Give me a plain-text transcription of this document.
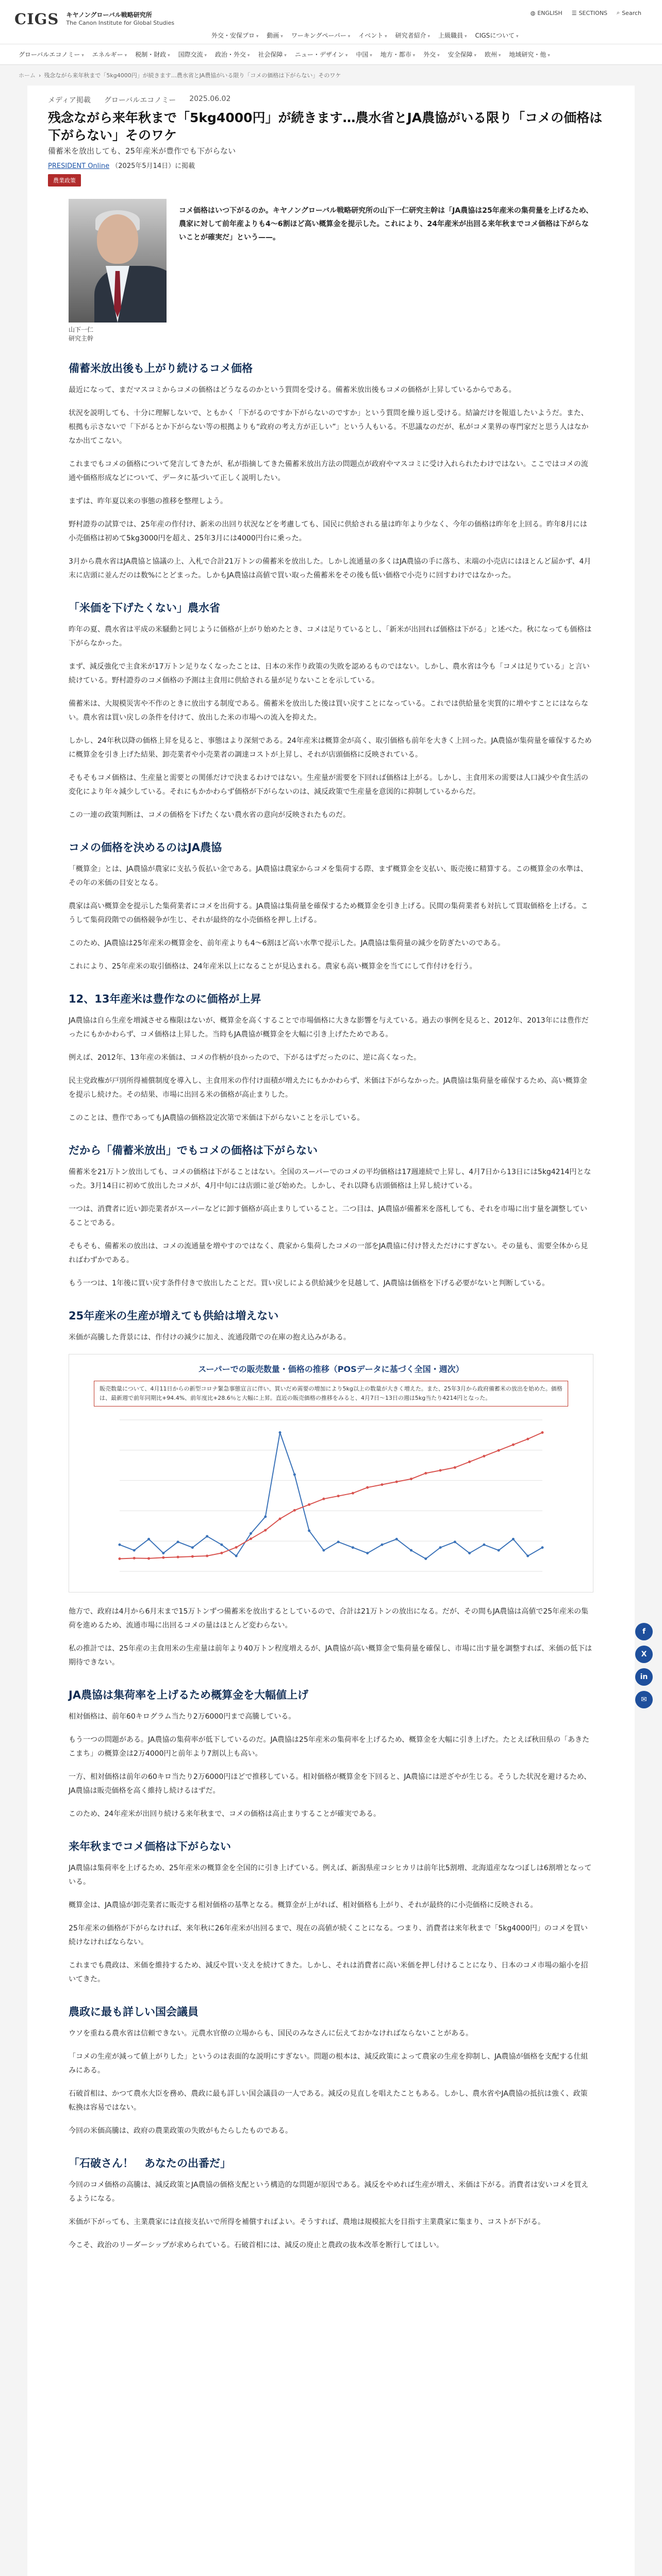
CIGS キヤノングローバル戦略研究所
The Canon Institute for Global Studies
◍ ENGLISH ☰ SECTIONS ⌕ Search
外交・安保プロ ▾	動画 ▾	ワーキングペーパー ▾	イベント ▾	研究者紹介 ▾	上級職員 ▾	CIGSについて ▾
グローバルエコノミー ▾	エネルギー ▾	税制・財政 ▾	国際交流 ▾	政治・外交 ▾	社会保障 ▾	ニュー・デザイン ▾	中国 ▾	地方・都市 ▾	外交 ▾	安全保障 ▾	欧州 ▾	地域研究・他 ▾
ホーム › 残念ながら来年秋まで「5kg4000円」が続きます…農水省とJA農協がいる限り「コメの価格は下がらない」そのワケ
メディア掲載 グローバルエコノミー 2025.06.02
残念ながら来年秋まで「5kg4000円」が続きます…農水省とJA農協がいる限り「コメの価格は下がらない」そのワケ
備蓄米を放出しても、25年産米が豊作でも下がらない
PRESIDENT Online （2025年5月14日）に掲載
農業政策
山下一仁
研究主幹
コメ価格はいつ下がるのか。キヤノングローバル戦略研究所の山下一仁研究主幹は「JA農協は25年産米の集荷量を上げるため、農家に対して前年産よりも4～6割ほど高い概算金を提示した。これにより、24年産米が出回る来年秋までコメ価格は下がらないことが確実だ」という——。
備蓄米放出後も上がり続けるコメ価格

最近になって、まだマスコミからコメの価格はどうなるのかという質問を受ける。備蓄米放出後もコメの価格が上昇しているからである。

状況を説明しても、十分に理解しないで、ともかく「下がるのですか下がらないのですか」という質問を繰り返し受ける。結論だけを報道したいようだ。また、根拠も示さないで「下がるとか下がらない等の根拠よりも“政府の考え方が正しい”」という人もいる。不思議なのだが、私がコメ業界の専門家だと思う人はなかなか出てこない。

これまでもコメの価格について発言してきたが、私が指摘してきた備蓄米放出方法の問題点が政府やマスコミに受け入れられたわけではない。ここではコメの流通や価格形成などについて、データに基づいて正しく説明したい。

まずは、昨年夏以来の事態の推移を整理しよう。

野村證券の試算では、25年産の作付け、新米の出回り状況などを考慮しても、国民に供給される量は昨年より少なく、今年の価格は昨年を上回る。昨年8月には小売価格は初めて5kg3000円を超え、25年3月には4000円台に乗った。

3月から農水省はJA農協と協議の上、入札で合計21万トンの備蓄米を放出した。しかし流通量の多くはJA農協の手に落ち、末端の小売店にはほとんど届かず、4月末に店頭に並んだのは数%にとどまった。しかもJA農協は高値で買い取った備蓄米をその後も低い価格で小売りに回すわけではなかった。

「米価を下げたくない」農水省

昨年の夏、農水省は平成の米騒動と同じように価格が上がり始めたとき、コメは足りているとし、「新米が出回れば価格は下がる」と述べた。秋になっても価格は下がらなかった。

まず、減反強化で主食米が17万トン足りなくなったことは、日本の米作り政策の失敗を認めるものではない。しかし、農水省は今も「コメは足りている」と言い続けている。野村證券のコメ価格の予測は主食用に供給される量が足りないことを示している。

備蓄米は、大規模災害や不作のときに放出する制度である。備蓄米を放出した後は買い戻すことになっている。これでは供給量を実質的に増やすことにはならない。農水省は買い戻しの条件を付けて、放出した米の市場への流入を抑えた。

しかし、24年秋以降の価格上昇を見ると、事態はより深刻である。24年産米は概算金が高く、取引価格も前年を大きく上回った。JA農協が集荷量を確保するために概算金を引き上げた結果、卸売業者や小売業者の調達コストが上昇し、それが店頭価格に反映されている。

そもそもコメ価格は、生産量と需要との関係だけで決まるわけではない。生産量が需要を下回れば価格は上がる。しかし、主食用米の需要は人口減少や食生活の変化により年々減少している。それにもかかわらず価格が下がらないのは、減反政策で生産量を意図的に抑制しているからだ。

この一連の政策判断は、コメの価格を下げたくない農水省の意向が反映されたものだ。

コメの価格を決めるのはJA農協

「概算金」とは、JA農協が農家に支払う仮払い金である。JA農協は農家からコメを集荷する際、まず概算金を支払い、販売後に精算する。この概算金の水準は、その年の米価の目安となる。

農家は高い概算金を提示した集荷業者にコメを出荷する。JA農協は集荷量を確保するため概算金を引き上げる。民間の集荷業者も対抗して買取価格を上げる。こうして集荷段階での価格競争が生じ、それが最終的な小売価格を押し上げる。

このため、JA農協は25年産米の概算金を、前年産よりも4～6割ほど高い水準で提示した。JA農協は集荷量の減少を防ぎたいのである。

これにより、25年産米の取引価格は、24年産米以上になることが見込まれる。農家も高い概算金を当てにして作付けを行う。

12、13年産米は豊作なのに価格が上昇

JA農協は自ら生産を増減させる権限はないが、概算金を高くすることで市場価格に大きな影響を与えている。過去の事例を見ると、2012年、2013年には豊作だったにもかかわらず、コメ価格は上昇した。当時もJA農協が概算金を大幅に引き上げたためである。

例えば、2012年、13年産の米価は、コメの作柄が良かったので、下がるはずだったのに、逆に高くなった。

民主党政権が戸別所得補償制度を導入し、主食用米の作付け面積が増えたにもかかわらず、米価は下がらなかった。JA農協は集荷量を確保するため、高い概算金を提示し続けた。その結果、市場に出回る米の価格が高止まりした。

このことは、豊作であってもJA農協の価格設定次第で米価は下がらないことを示している。

だから「備蓄米放出」でもコメの価格は下がらない

備蓄米を21万トン放出しても、コメの価格は下がることはない。全国のスーパーでのコメの平均価格は17週連続で上昇し、4月7日から13日には5kg4214円となった。3月14日に初めて放出したコメが、4月中旬には店頭に並び始めた。しかし、それ以降も店頭価格は上昇し続けている。

一つは、消費者に近い卸売業者がスーパーなどに卸す価格が高止まりしていること。二つ目は、JA農協が備蓄米を落札しても、それを市場に出す量を調整していることである。

そもそも、備蓄米の放出は、コメの流通量を増やすのではなく、農家から集荷したコメの一部をJA農協に付け替えただけにすぎない。その量も、需要全体から見ればわずかである。

もう一つは、1年後に買い戻す条件付きで放出したことだ。買い戻しによる供給減少を見越して、JA農協は価格を下げる必要がないと判断している。

25年産米の生産が増えても供給は増えない

米価が高騰した背景には、作付けの減少に加え、流通段階での在庫の抱え込みがある。

スーパーでの販売数量・価格の推移（POSデータに基づく全国・週次）
販売数量について、4月11日からの新型コロナ緊急事態宣言に伴い、買いだめ需要の増加により5kg以上の数量が大きく増えた。また、25年3月から政府備蓄米の放出を始めた。価格は、最新週で前年同期比+94.4%、前年度比+28.6％と大幅に上昇。直近の販売価格の推移をみると、4月7日～13日の週は5kg当たり4214円となった。

他方で、政府は4月から6月末まで15万トンずつ備蓄米を放出するとしているので、合計は21万トンの放出になる。だが、その間もJA農協は高値で25年産米の集荷を進めるため、流通市場に出回るコメの量はほとんど変わらない。

私の推計では、25年産の主食用米の生産量は前年より40万トン程度増えるが、JA農協が高い概算金で集荷量を確保し、市場に出す量を調整すれば、米価の低下は期待できない。

JA農協は集荷率を上げるため概算金を大幅値上げ

相対価格は、前年60キログラム当たり2万6000円まで高騰している。

もう一つの問題がある。JA農協の集荷率が低下しているのだ。JA農協は25年産米の集荷率を上げるため、概算金を大幅に引き上げた。たとえば秋田県の「あきたこまち」の概算金は2万4000円と前年より7割以上も高い。

一方、相対価格は前年の60キロ当たり2万6000円ほどで推移している。相対価格が概算金を下回ると、JA農協には逆ざやが生じる。そうした状況を避けるため、JA農協は販売価格を高く維持し続けるはずだ。

このため、24年産米が出回り続ける来年秋まで、コメの価格は高止まりすることが確実である。

来年秋までコメ価格は下がらない

JA農協は集荷率を上げるため、25年産米の概算金を全国的に引き上げている。例えば、新潟県産コシヒカリは前年比5割増、北海道産ななつぼしは6割増となっている。

概算金は、JA農協が卸売業者に販売する相対価格の基準となる。概算金が上がれば、相対価格も上がり、それが最終的に小売価格に反映される。

25年産米の価格が下がらなければ、来年秋に26年産米が出回るまで、現在の高値が続くことになる。つまり、消費者は来年秋まで「5kg4000円」のコメを買い続けなければならない。

これまでも農政は、米価を維持するため、減反や買い支えを続けてきた。しかし、それは消費者に高い米価を押し付けることになり、日本のコメ市場の縮小を招いてきた。

農政に最も詳しい国会議員

ウソを重ねる農水省は信頼できない。元農水官僚の立場からも、国民のみなさんに伝えておかなければならないことがある。

「コメの生産が減って値上がりした」というのは表面的な説明にすぎない。問題の根本は、減反政策によって農家の生産を抑制し、JA農協が価格を支配する仕組みにある。

石破首相は、かつて農水大臣を務め、農政に最も詳しい国会議員の一人である。減反の見直しを唱えたこともある。しかし、農水省やJA農協の抵抗は強く、政策転換は容易ではない。

今回の米価高騰は、政府の農業政策の失敗がもたらしたものである。

「石破さん！　あなたの出番だ」

今回のコメ価格の高騰は、減反政策とJA農協の価格支配という構造的な問題が原因である。減反をやめれば生産が増え、米価は下がる。消費者は安いコメを買えるようになる。

米価が下がっても、主業農家には直接支払いで所得を補償すればよい。そうすれば、農地は規模拡大を目指す主業農家に集まり、コストが下がる。

今こそ、政治のリーダーシップが求められている。石破首相には、減反の廃止と農政の抜本改革を断行してほしい。

f
X
in
✉
